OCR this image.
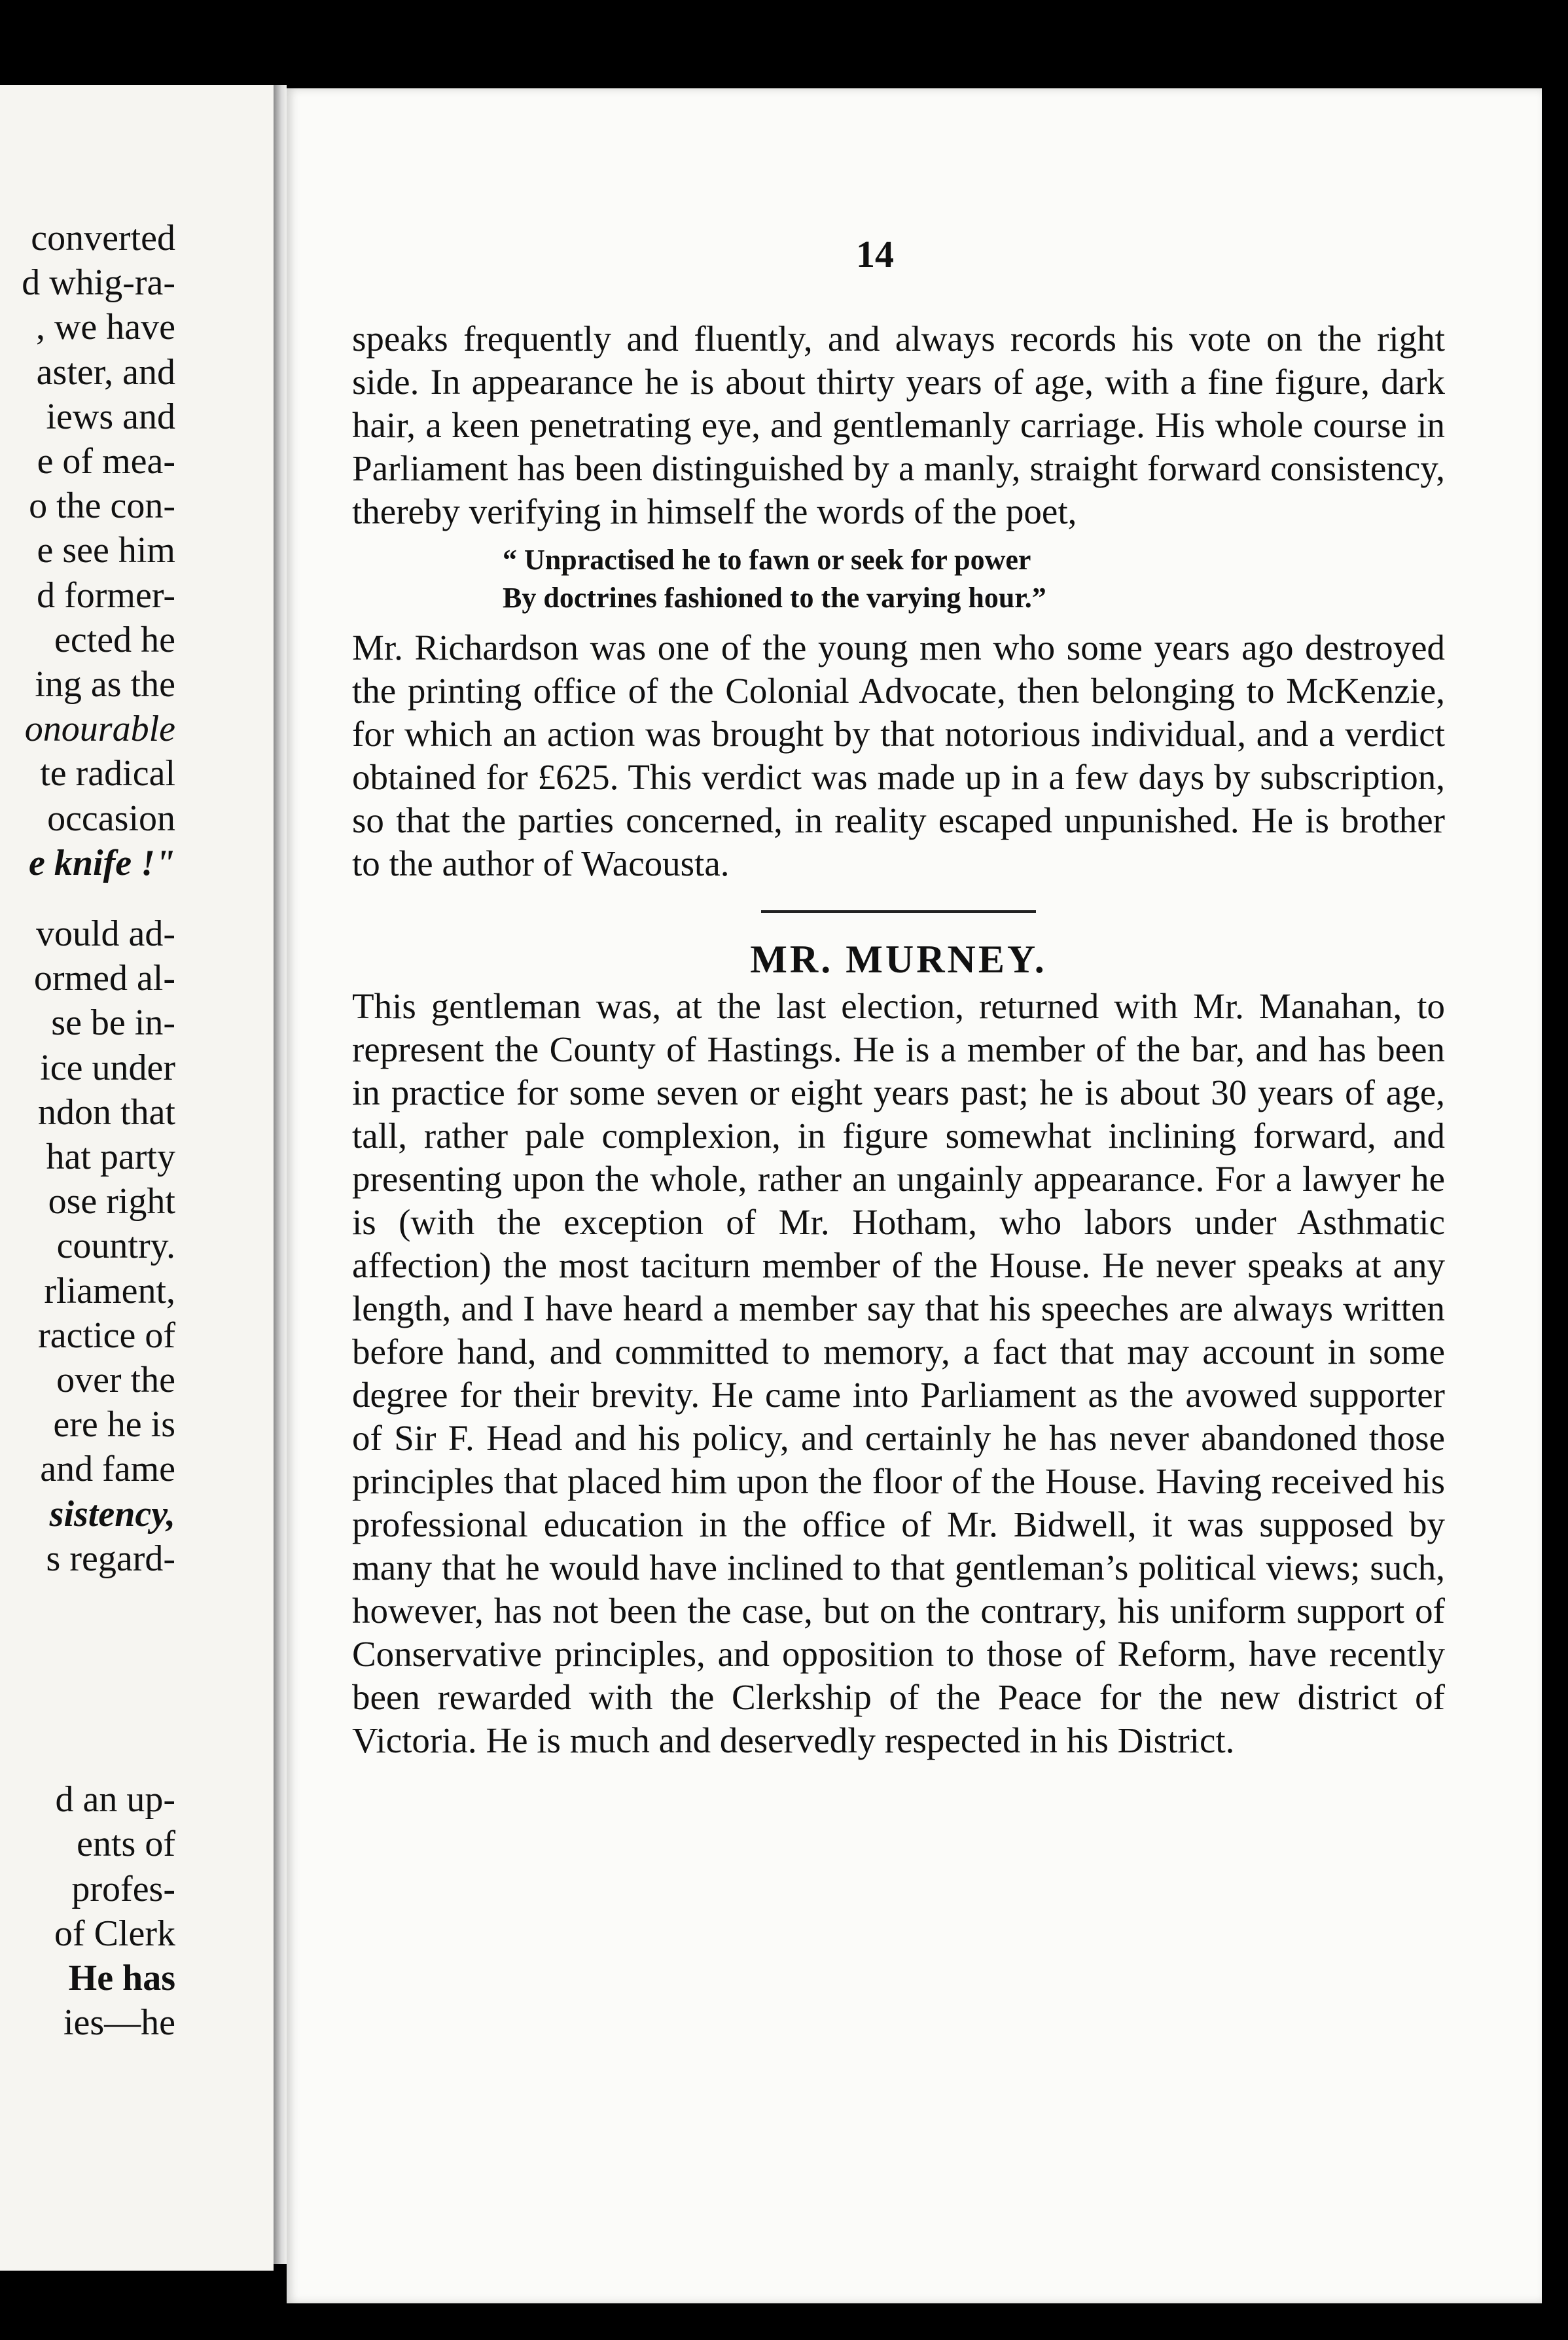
converted
d whig-ra-
, we have
aster, and
iews and
e of mea-
o the con-
e see him
d former-
ected he
ing as the
onourable
te radical
occasion
e knife !"
vould ad-
ormed al-
se be in-
ice under
ndon that
hat party
ose right
country.
rliament,
ractice of
over the
ere he is
and fame
sistency,
s regard-
d an up-
ents of
profes-
of Clerk
He has
ies—he
14

speaks frequently and fluently, and always records his vote on the right side. In appearance he is about thirty years of age, with a fine figure, dark hair, a keen penetrating eye, and gentlemanly carriage. His whole course in Parliament has been distinguished by a manly, straight forward consistency, thereby verifying in himself the words of the poet,

“ Unpractised he to fawn or seek for power
By doctrines fashioned to the varying hour.”

Mr. Richardson was one of the young men who some years ago destroyed the printing office of the Colonial Advocate, then belonging to McKenzie, for which an action was brought by that notorious individual, and a verdict obtained for £625. This verdict was made up in a few days by subscription, so that the parties concerned, in reality escaped unpunished. He is brother to the author of Wacousta.

MR. MURNEY.

This gentleman was, at the last election, returned with Mr. Manahan, to represent the County of Hastings. He is a member of the bar, and has been in practice for some seven or eight years past; he is about 30 years of age, tall, rather pale complexion, in figure somewhat inclining forward, and presenting upon the whole, rather an ungainly appearance. For a lawyer he is (with the exception of Mr. Hotham, who labors under Asthmatic affection) the most taciturn member of the House. He never speaks at any length, and I have heard a member say that his speeches are always written before hand, and committed to memory, a fact that may account in some degree for their brevity. He came into Parliament as the avowed supporter of Sir F. Head and his policy, and certainly he has never abandoned those principles that placed him upon the floor of the House. Having received his professional education in the office of Mr. Bidwell, it was supposed by many that he would have inclined to that gentleman’s political views; such, however, has not been the case, but on the contrary, his uniform support of Conservative principles, and opposition to those of Reform, have recently been rewarded with the Clerkship of the Peace for the new district of Victoria. He is much and deservedly respected in his District.
